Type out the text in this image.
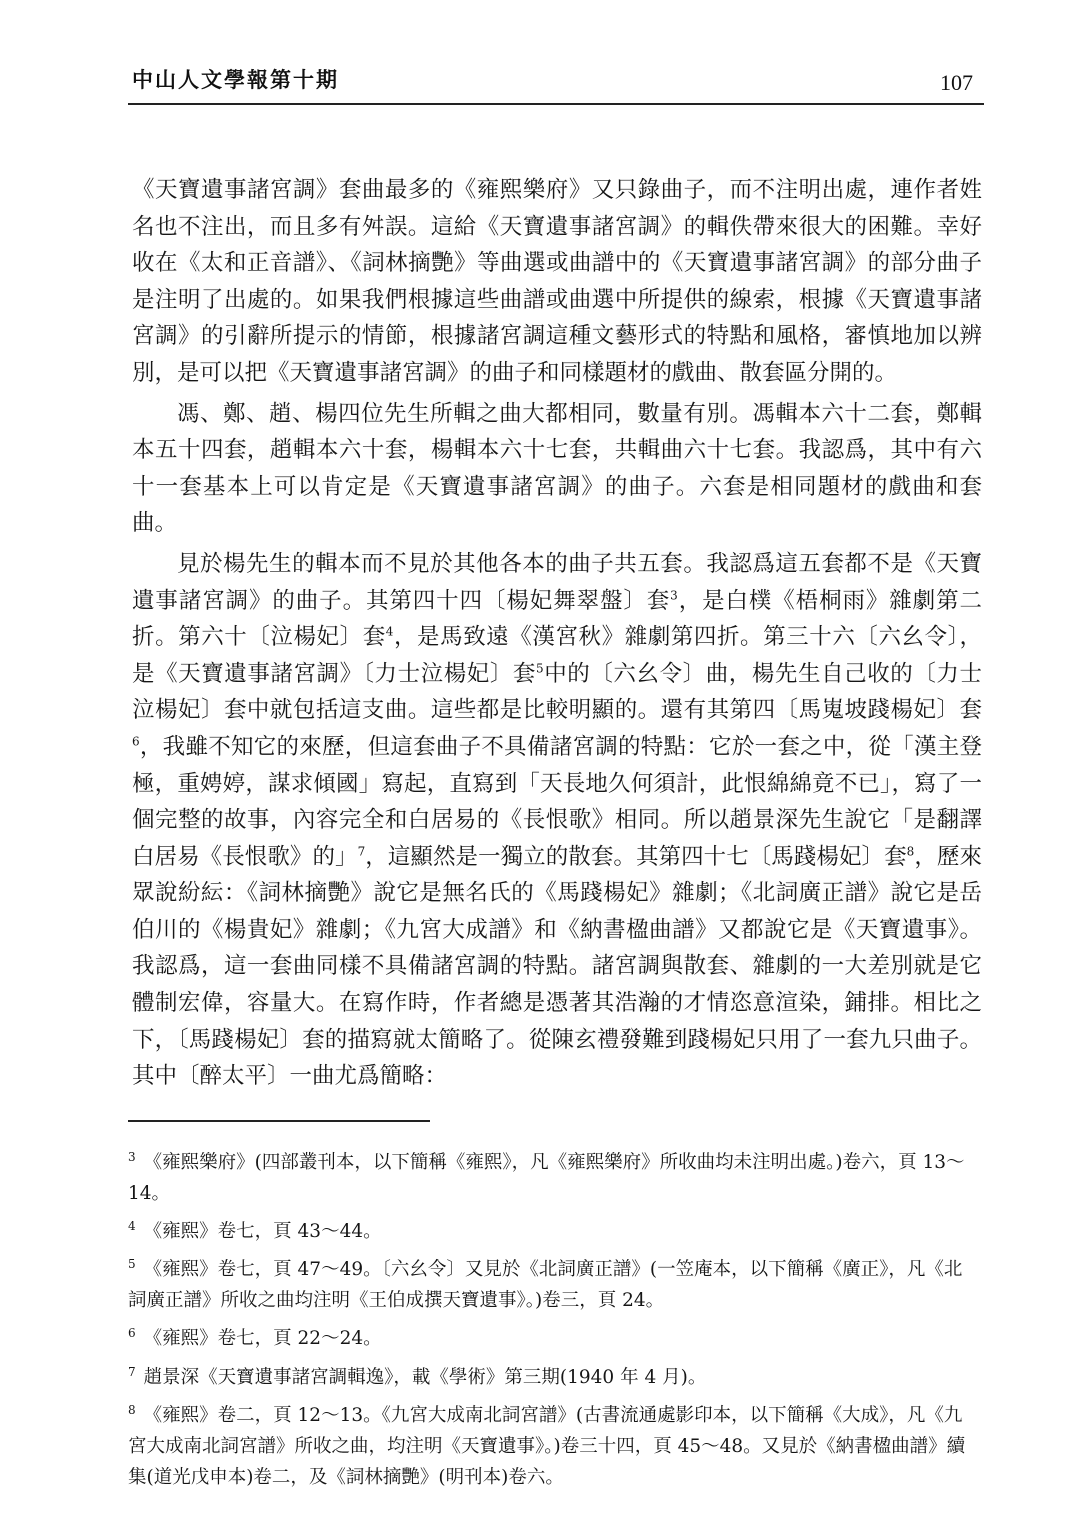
中山人文學報第十期	107

《天寶遺事諸宮調》套曲最多的《雍熙樂府》又只錄曲子，而不注明出處，連作者姓名也不注出，而且多有舛誤。這給《天寶遺事諸宮調》的輯佚帶來很大的困難。幸好收在《太和正音譜》、《詞林摘艷》等曲選或曲譜中的《天寶遺事諸宮調》的部分曲子是注明了出處的。如果我們根據這些曲譜或曲選中所提供的線索，根據《天寶遺事諸宮調》的引辭所提示的情節，根據諸宮調這種文藝形式的特點和風格，審慎地加以辨別，是可以把《天寶遺事諸宮調》的曲子和同樣題材的戲曲、散套區分開的。

馮、鄭、趙、楊四位先生所輯之曲大都相同，數量有別。馮輯本六十二套，鄭輯本五十四套，趙輯本六十套，楊輯本六十七套，共輯曲六十七套。我認爲，其中有六十一套基本上可以肯定是《天寶遺事諸宮調》的曲子。六套是相同題材的戲曲和套曲。

見於楊先生的輯本而不見於其他各本的曲子共五套。我認爲這五套都不是《天寶遺事諸宮調》的曲子。其第四十四〔楊妃舞翠盤〕套$^3$，是白樸《梧桐雨》雜劇第二折。第六十〔泣楊妃〕套$^4$，是馬致遠《漢宮秋》雜劇第四折。第三十六〔六幺令〕，是《天寶遺事諸宮調》〔力士泣楊妃〕套$^5$中的〔六幺令〕曲，楊先生自己收的〔力士泣楊妃〕套中就包括這支曲。這些都是比較明顯的。還有其第四〔馬嵬坡踐楊妃〕套$^6$，我雖不知它的來歷，但這套曲子不具備諸宮調的特點：它於一套之中，從「漢主登極，重娉婷，謀求傾國」寫起，直寫到「天長地久何須計，此恨綿綿竟不已」，寫了一個完整的故事，內容完全和白居易的《長恨歌》相同。所以趙景深先生說它「是翻譯白居易《長恨歌》的」$^7$，這顯然是一獨立的散套。其第四十七〔馬踐楊妃〕套$^8$，歷來眾說紛紜：《詞林摘艷》說它是無名氏的《馬踐楊妃》雜劇；《北詞廣正譜》說它是岳伯川的《楊貴妃》雜劇；《九宮大成譜》和《納書楹曲譜》又都說它是《天寶遺事》。我認爲，這一套曲同樣不具備諸宮調的特點。諸宮調與散套、雜劇的一大差別就是它體制宏偉，容量大。在寫作時，作者總是憑著其浩瀚的才情恣意渲染，鋪排。相比之下，〔馬踐楊妃〕套的描寫就太簡略了。從陳玄禮發難到踐楊妃只用了一套九只曲子。其中〔醉太平〕一曲尤爲簡略：

$^3$ 《雍熙樂府》(四部叢刊本，以下簡稱《雍熙》，凡《雍熙樂府》所收曲均未注明出處。)卷六，頁 13～14。

$^4$ 《雍熙》卷七，頁 43～44。

$^5$ 《雍熙》卷七，頁 47～49。〔六幺令〕又見於《北詞廣正譜》(一笠庵本，以下簡稱《廣正》，凡《北詞廣正譜》所收之曲均注明《王伯成撰天寶遺事》。)卷三，頁 24。

$^6$ 《雍熙》卷七，頁 22～24。

$^7$ 趙景深《天寶遺事諸宮調輯逸》，載《學術》第三期(1940 年 4 月)。

$^8$ 《雍熙》卷二，頁 12～13。《九宮大成南北詞宮譜》(古書流通處影印本，以下簡稱《大成》，凡《九宮大成南北詞宮譜》所收之曲，均注明《天寶遺事》。)卷三十四，頁 45～48。又見於《納書楹曲譜》續集(道光戊申本)卷二，及《詞林摘艷》(明刊本)卷六。
